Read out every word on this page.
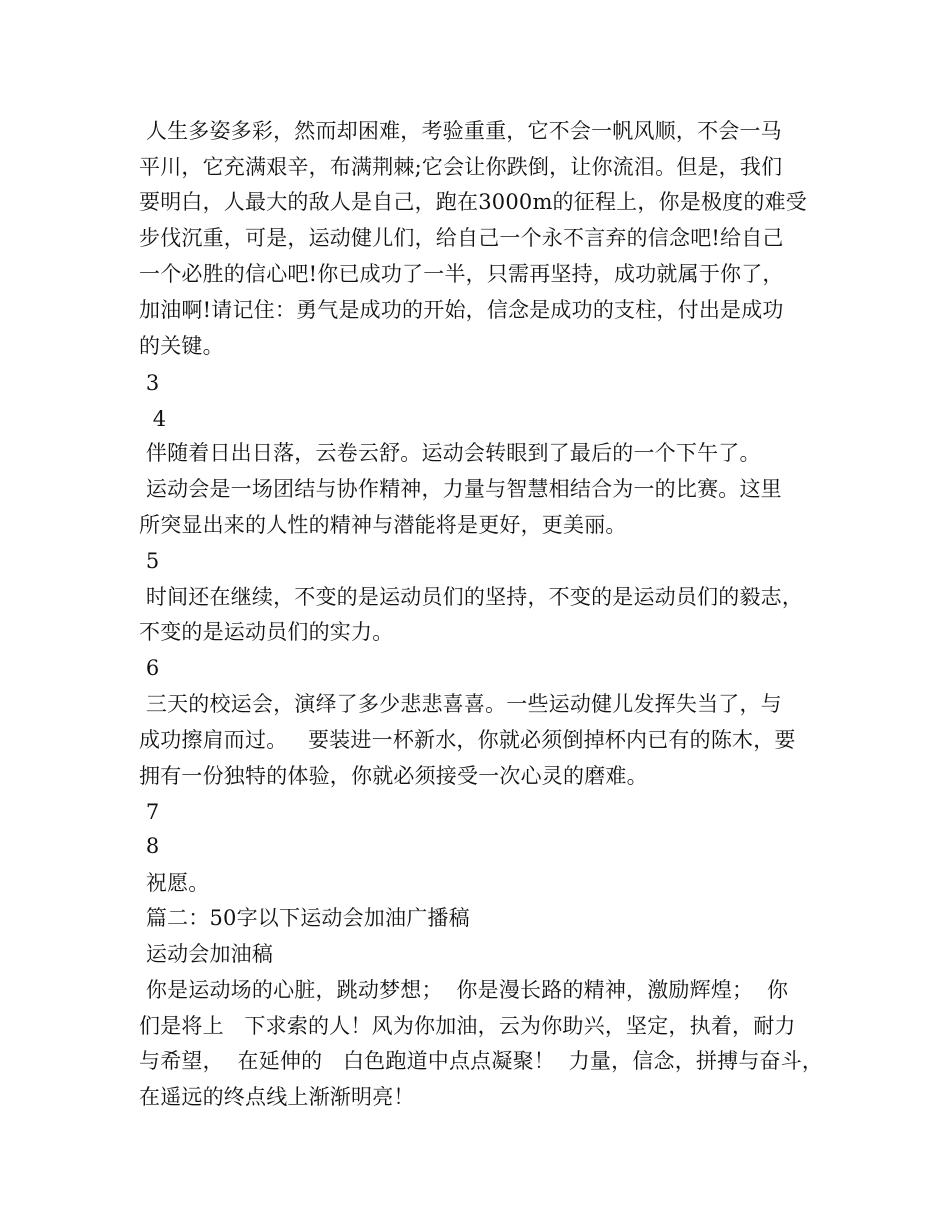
人生多姿多彩，然而却困难，考验重重，它不会一帆风顺，不会一马
平川，它充满艰辛，布满荆棘;它会让你跌倒，让你流泪。但是，我们
要明白，人最大的敌人是自己，跑在3000m的征程上，你是极度的难受
步伐沉重，可是，运动健儿们，给自己一个永不言弃的信念吧!给自己
一个必胜的信心吧!你已成功了一半，只需再坚持，成功就属于你了，
加油啊!请记住：勇气是成功的开始，信念是成功的支柱，付出是成功
的关键。
3
4
伴随着日出日落，云卷云舒。运动会转眼到了最后的一个下午了。
运动会是一场团结与协作精神，力量与智慧相结合为一的比赛。这里
所突显出来的人性的精神与潜能将是更好，更美丽。
5
时间还在继续，不变的是运动员们的坚持，不变的是运动员们的毅志，
不变的是运动员们的实力。
6
三天的校运会，演绎了多少悲悲喜喜。一些运动健儿发挥失当了，与
成功擦肩而过。   要装进一杯新水，你就必须倒掉杯内已有的陈木，要
拥有一份独特的体验，你就必须接受一次心灵的磨难。
7
8
祝愿。
篇二：50字以下运动会加油广播稿
运动会加油稿
你是运动场的心脏，跳动梦想；  你是漫长路的精神，激励辉煌；  你
们是将上   下求索的人！风为你加油，云为你助兴，坚定，执着，耐力
与希望，  在延伸的   白色跑道中点点凝聚！  力量，信念，拼搏与奋斗，
在遥远的终点线上渐渐明亮！
